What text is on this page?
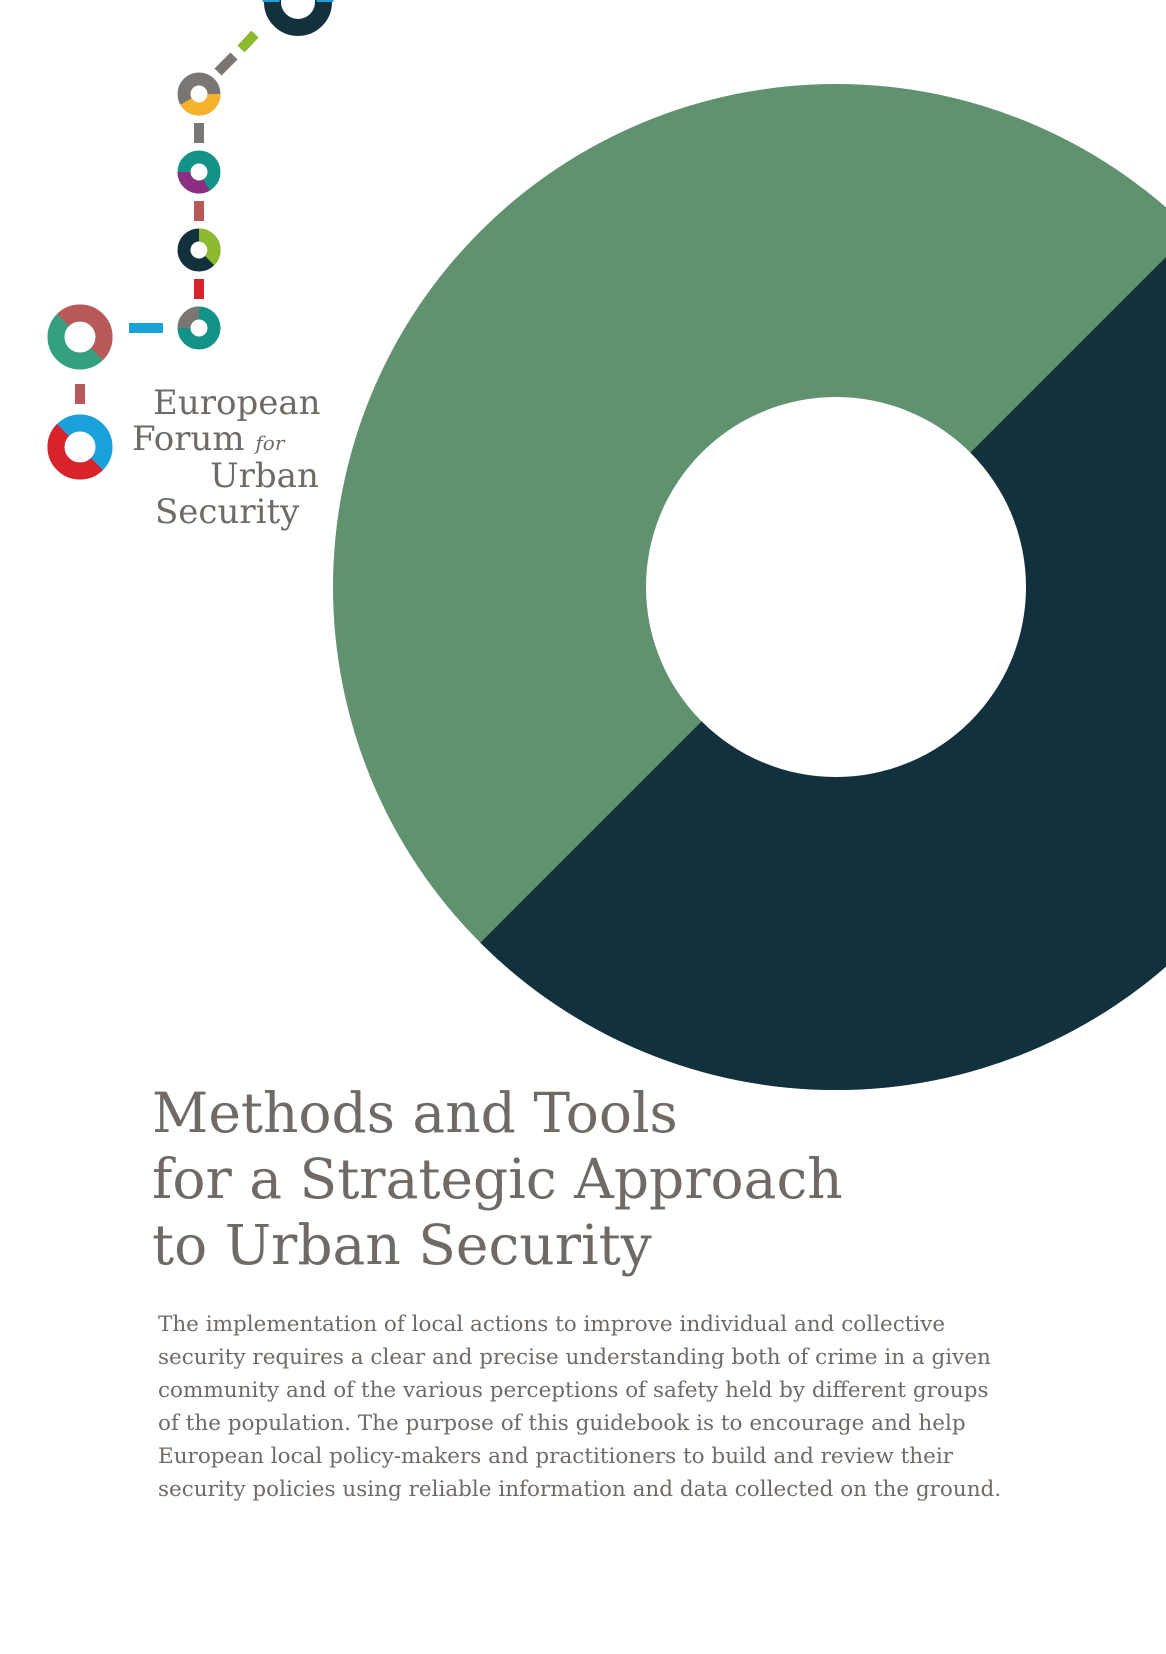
European
Forum for
Urban
Security
Methods and Tools
for a Strategic Approach
to Urban Security
The implementation of local actions to improve individual and collective
security requires a clear and precise understanding both of crime in a given
community and of the various perceptions of safety held by different groups
of the population. The purpose of this guidebook is to encourage and help
European local policy-makers and practitioners to build and review their
security policies using reliable information and data collected on the ground.
